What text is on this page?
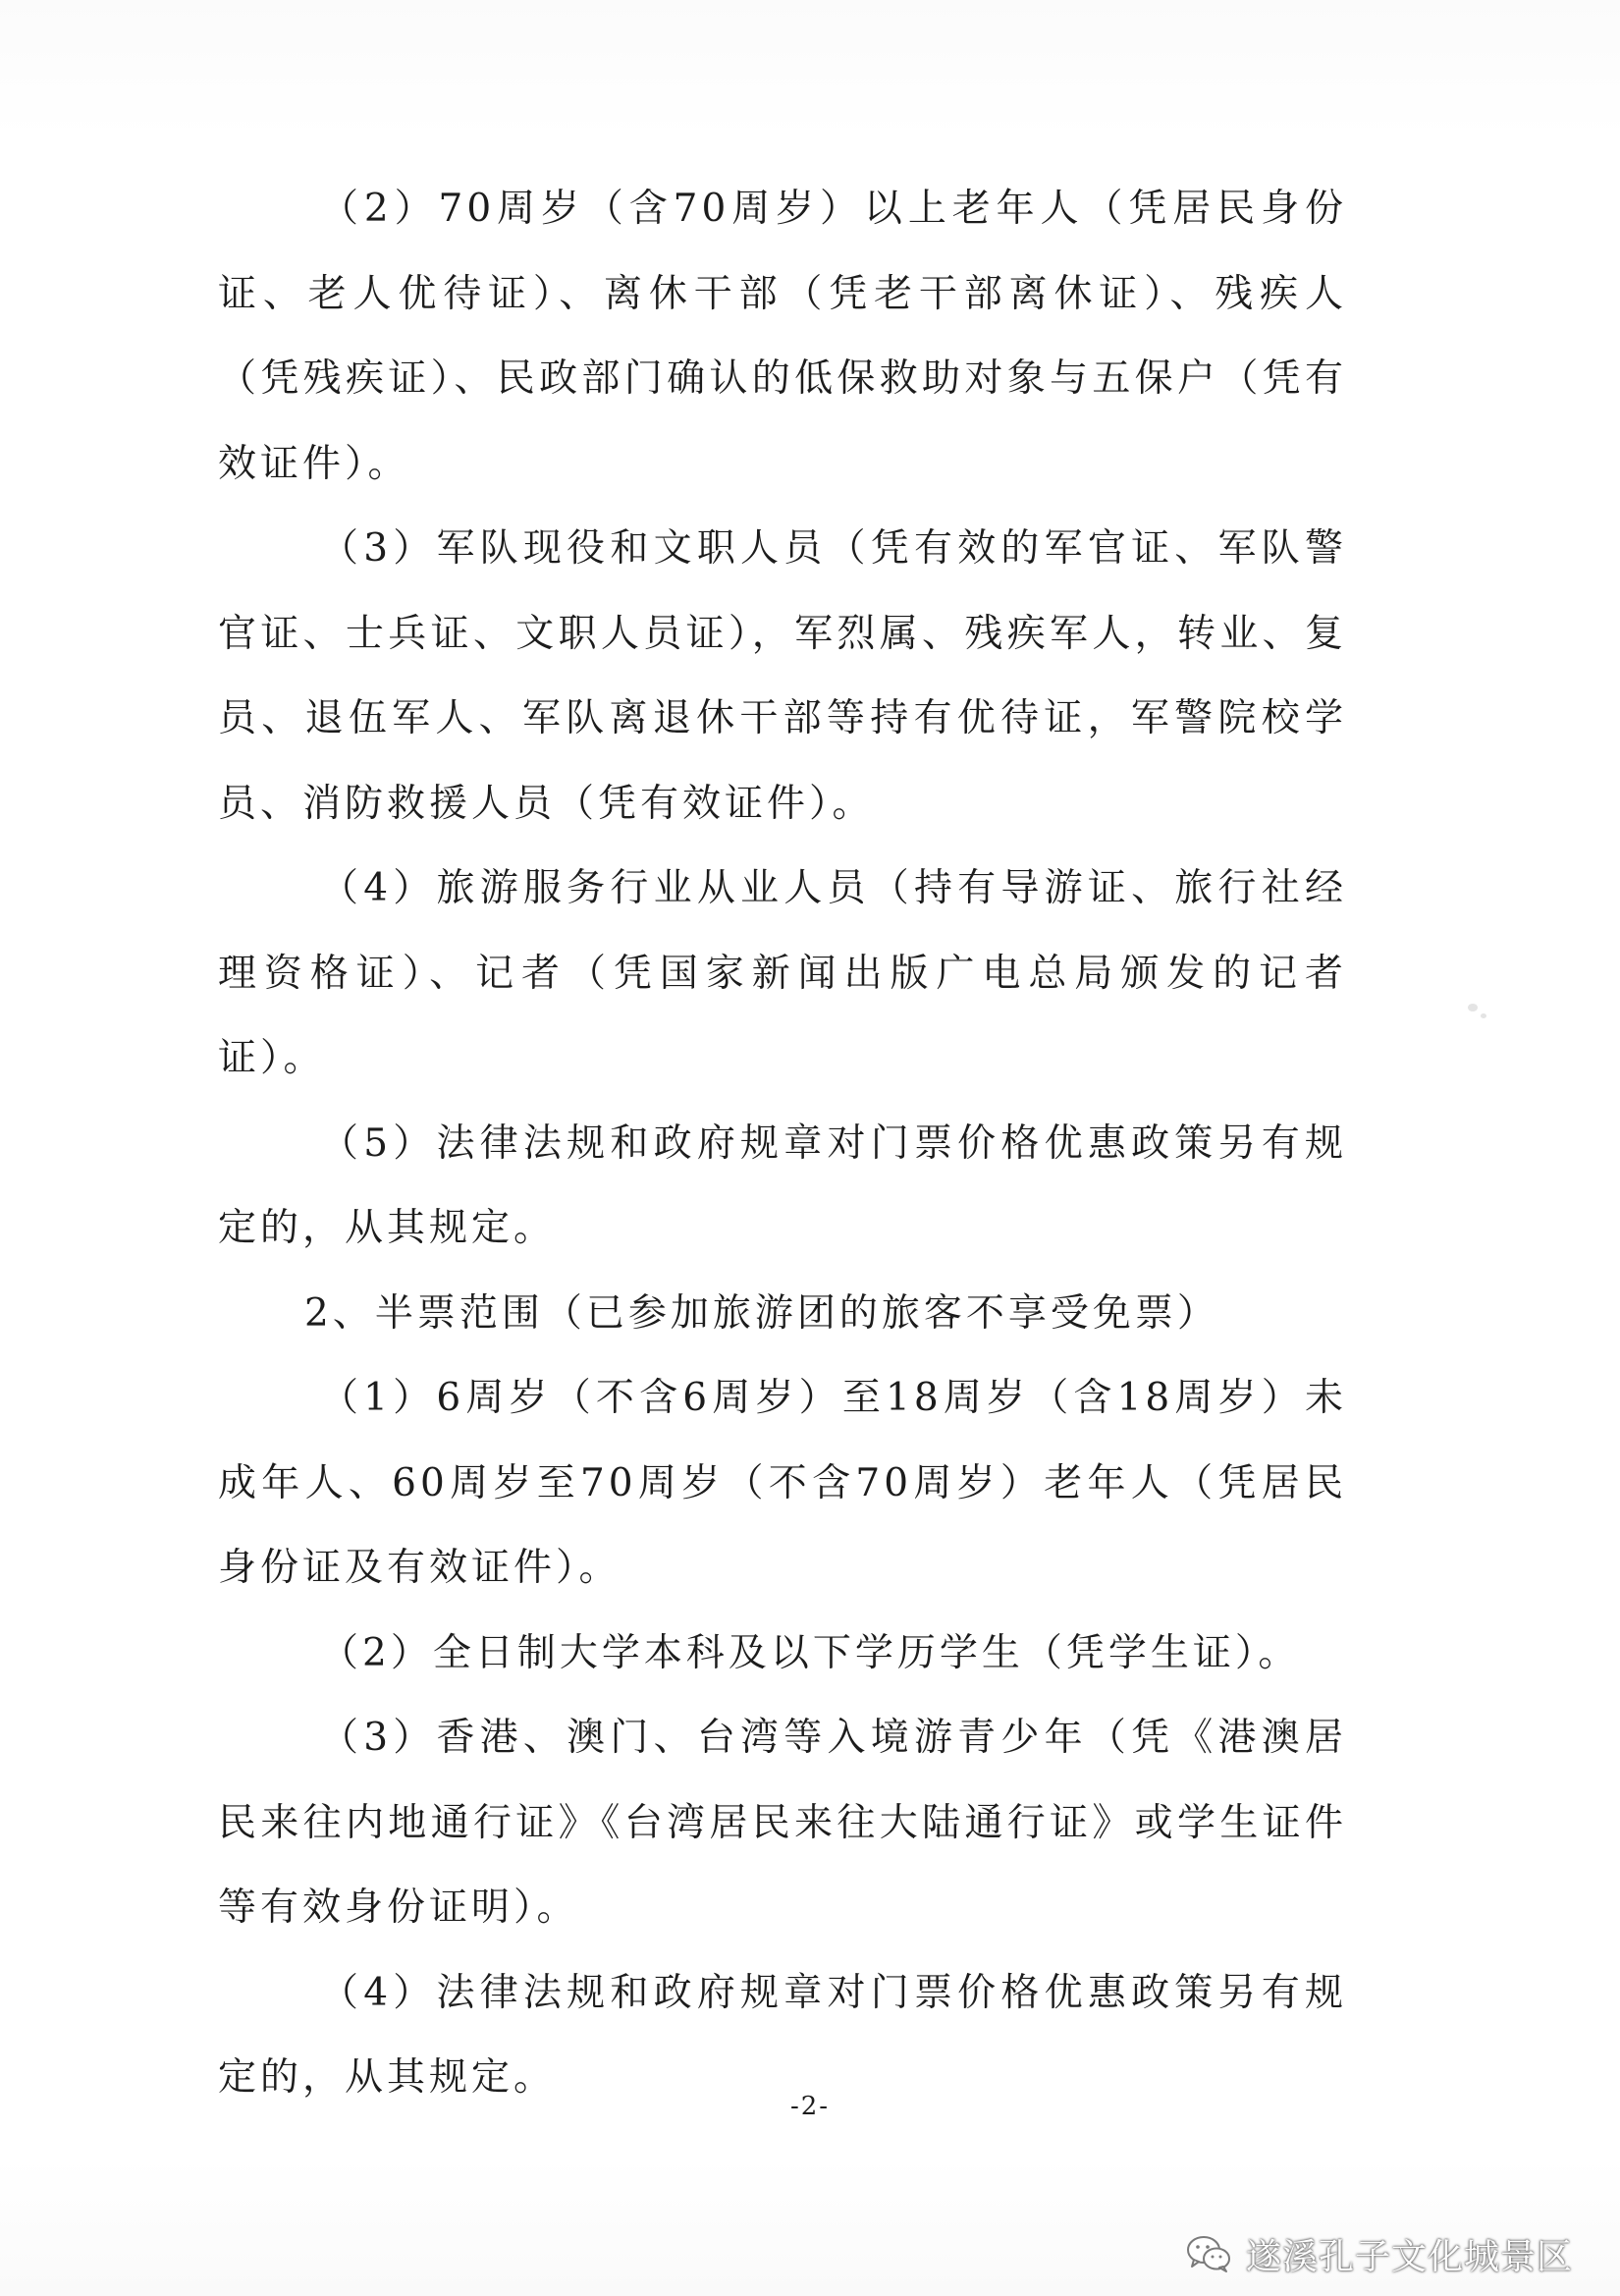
（2）70周岁（含70周岁）以上老年人（凭居民身份证、老人优待证）、离休干部（凭老干部离休证）、残疾人（凭残疾证）、民政部门确认的低保救助对象与五保户（凭有效证件）。

（3）军队现役和文职人员（凭有效的军官证、军队警官证、士兵证、文职人员证），军烈属、残疾军人，转业、复员、退伍军人、军队离退休干部等持有优待证，军警院校学员、消防救援人员（凭有效证件）。

（4）旅游服务行业从业人员（持有导游证、旅行社经理资格证）、记者（凭国家新闻出版广电总局颁发的记者证）。

（5）法律法规和政府规章对门票价格优惠政策另有规定的，从其规定。

2、半票范围（已参加旅游团的旅客不享受免票）

（1）6周岁（不含6周岁）至18周岁（含18周岁）未成年人、60周岁至70周岁（不含70周岁）老年人（凭居民身份证及有效证件）。

（2）全日制大学本科及以下学历学生（凭学生证）。

（3）香港、澳门、台湾等入境游青少年（凭《港澳居民来往内地通行证》《台湾居民来往大陆通行证》或学生证件等有效身份证明）。

（4）法律法规和政府规章对门票价格优惠政策另有规定的，从其规定。

-2-
遂溪孔子文化城景区
